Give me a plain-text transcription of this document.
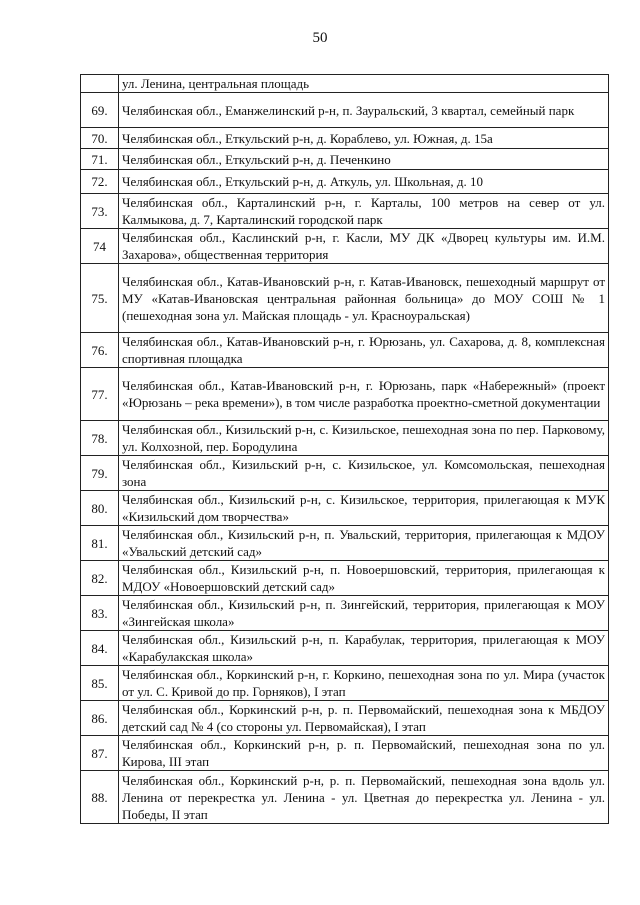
50
	ул. Ленина, центральная площадь
69.	Челябинская обл., Еманжелинский р-н, п. Зауральский, 3 квартал, семейный парк
70.	Челябинская обл., Еткульский р-н, д. Кораблево, ул. Южная, д. 15а
71.	Челябинская обл., Еткульский р-н, д. Печенкино
72.	Челябинская обл., Еткульский р-н, д. Аткуль, ул. Школьная, д. 10
73.	Челябинская обл., Карталинский р-н, г. Карталы, 100 метров на север от ул. Калмыкова, д. 7, Карталинский городской парк
74	Челябинская обл., Каслинский р-н, г. Касли, МУ ДК «Дворец культуры им. И.М. Захарова», общественная территория
75.	Челябинская обл., Катав-Ивановский р-н, г. Катав-Ивановск, пешеходный маршрут от МУ «Катав-Ивановская центральная районная больница» до МОУ СОШ № 1 (пешеходная зона ул. Майская площадь - ул. Красноуральская)
76.	Челябинская обл., Катав-Ивановский р-н, г. Юрюзань, ул. Сахарова, д. 8, комплексная спортивная площадка
77.	Челябинская обл., Катав-Ивановский р-н, г. Юрюзань, парк «Набережный» (проект «Юрюзань – река времени»), в том числе разработка проектно-сметной документации
78.	Челябинская обл., Кизильский р-н, с. Кизильское, пешеходная зона по пер. Парковому, ул. Колхозной, пер. Бородулина
79.	Челябинская обл., Кизильский р-н, с. Кизильское, ул. Комсомольская, пешеходная зона
80.	Челябинская обл., Кизильский р-н, с. Кизильское, территория, прилегающая к МУК «Кизильский дом творчества»
81.	Челябинская обл., Кизильский р-н, п. Увальский, территория, прилегающая к МДОУ «Увальский детский сад»
82.	Челябинская обл., Кизильский р-н, п. Новоершовский, территория, прилегающая к МДОУ «Новоершовский детский сад»
83.	Челябинская обл., Кизильский р-н, п. Зингейский, территория, прилегающая к МОУ «Зингейская школа»
84.	Челябинская обл., Кизильский р-н, п. Карабулак, территория, прилегающая к МОУ «Карабулакская школа»
85.	Челябинская обл., Коркинский р-н, г. Коркино, пешеходная зона по ул. Мира (участок от ул. С. Кривой до пр. Горняков), I этап
86.	Челябинская обл., Коркинский р-н, р. п. Первомайский, пешеходная зона к МБДОУ детский сад № 4 (со стороны ул. Первомайская), I этап
87.	Челябинская обл., Коркинский р-н, р. п. Первомайский, пешеходная зона по ул. Кирова, III этап
88.	Челябинская обл., Коркинский р-н, р. п. Первомайский, пешеходная зона вдоль ул. Ленина от перекрестка ул. Ленина - ул. Цветная до перекрестка ул. Ленина - ул. Победы, II этап
